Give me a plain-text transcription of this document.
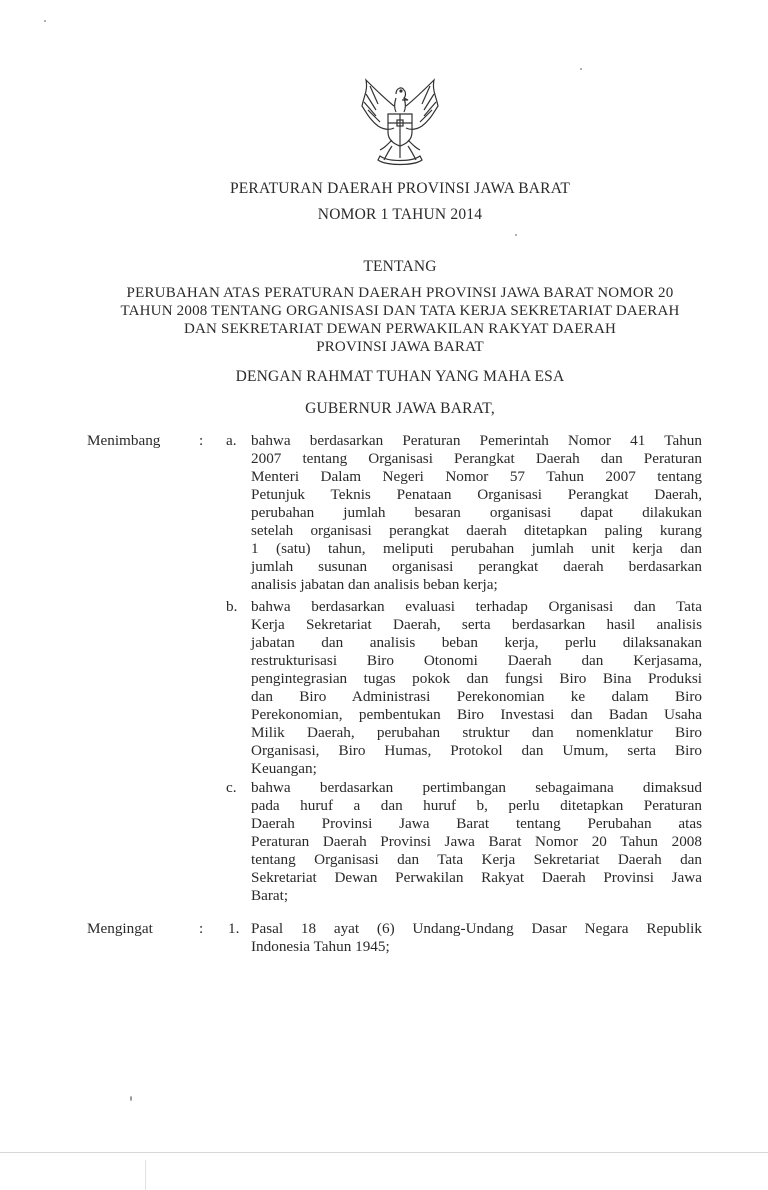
PERATURAN DAERAH PROVINSI JAWA BARAT
NOMOR 1 TAHUN 2014
TENTANG
PERUBAHAN ATAS PERATURAN DAERAH PROVINSI JAWA BARAT NOMOR 20
TAHUN 2008 TENTANG ORGANISASI DAN TATA KERJA SEKRETARIAT DAERAH
DAN SEKRETARIAT DEWAN PERWAKILAN RAKYAT DAERAH
PROVINSI JAWA BARAT
DENGAN RAHMAT TUHAN YANG MAHA ESA
GUBERNUR JAWA BARAT,
Menimbang	: a. bahwa berdasarkan Peraturan Pemerintah Nomor 41 Tahun
2007 tentang Organisasi Perangkat Daerah dan Peraturan
Menteri Dalam Negeri Nomor 57 Tahun 2007 tentang
Petunjuk Teknis Penataan Organisasi Perangkat Daerah,
perubahan jumlah besaran organisasi dapat dilakukan
setelah organisasi perangkat daerah ditetapkan paling kurang
1 (satu) tahun, meliputi perubahan jumlah unit kerja dan
jumlah susunan organisasi perangkat daerah berdasarkan
analisis jabatan dan analisis beban kerja;
b. bahwa berdasarkan evaluasi terhadap Organisasi dan Tata
Kerja Sekretariat Daerah, serta berdasarkan hasil analisis
jabatan dan analisis beban kerja, perlu dilaksanakan
restrukturisasi Biro Otonomi Daerah dan Kerjasama,
pengintegrasian tugas pokok dan fungsi Biro Bina Produksi
dan Biro Administrasi Perekonomian ke dalam Biro
Perekonomian, pembentukan Biro Investasi dan Badan Usaha
Milik Daerah, perubahan struktur dan nomenklatur Biro
Organisasi, Biro Humas, Protokol dan Umum, serta Biro
Keuangan;
c. bahwa berdasarkan pertimbangan sebagaimana dimaksud
pada huruf a dan huruf b, perlu ditetapkan Peraturan
Daerah Provinsi Jawa Barat tentang Perubahan atas
Peraturan Daerah Provinsi Jawa Barat Nomor 20 Tahun 2008
tentang Organisasi dan Tata Kerja Sekretariat Daerah dan
Sekretariat Dewan Perwakilan Rakyat Daerah Provinsi Jawa
Barat;
Mengingat	: 1. Pasal 18 ayat (6) Undang-Undang Dasar Negara Republik
Indonesia Tahun 1945;
